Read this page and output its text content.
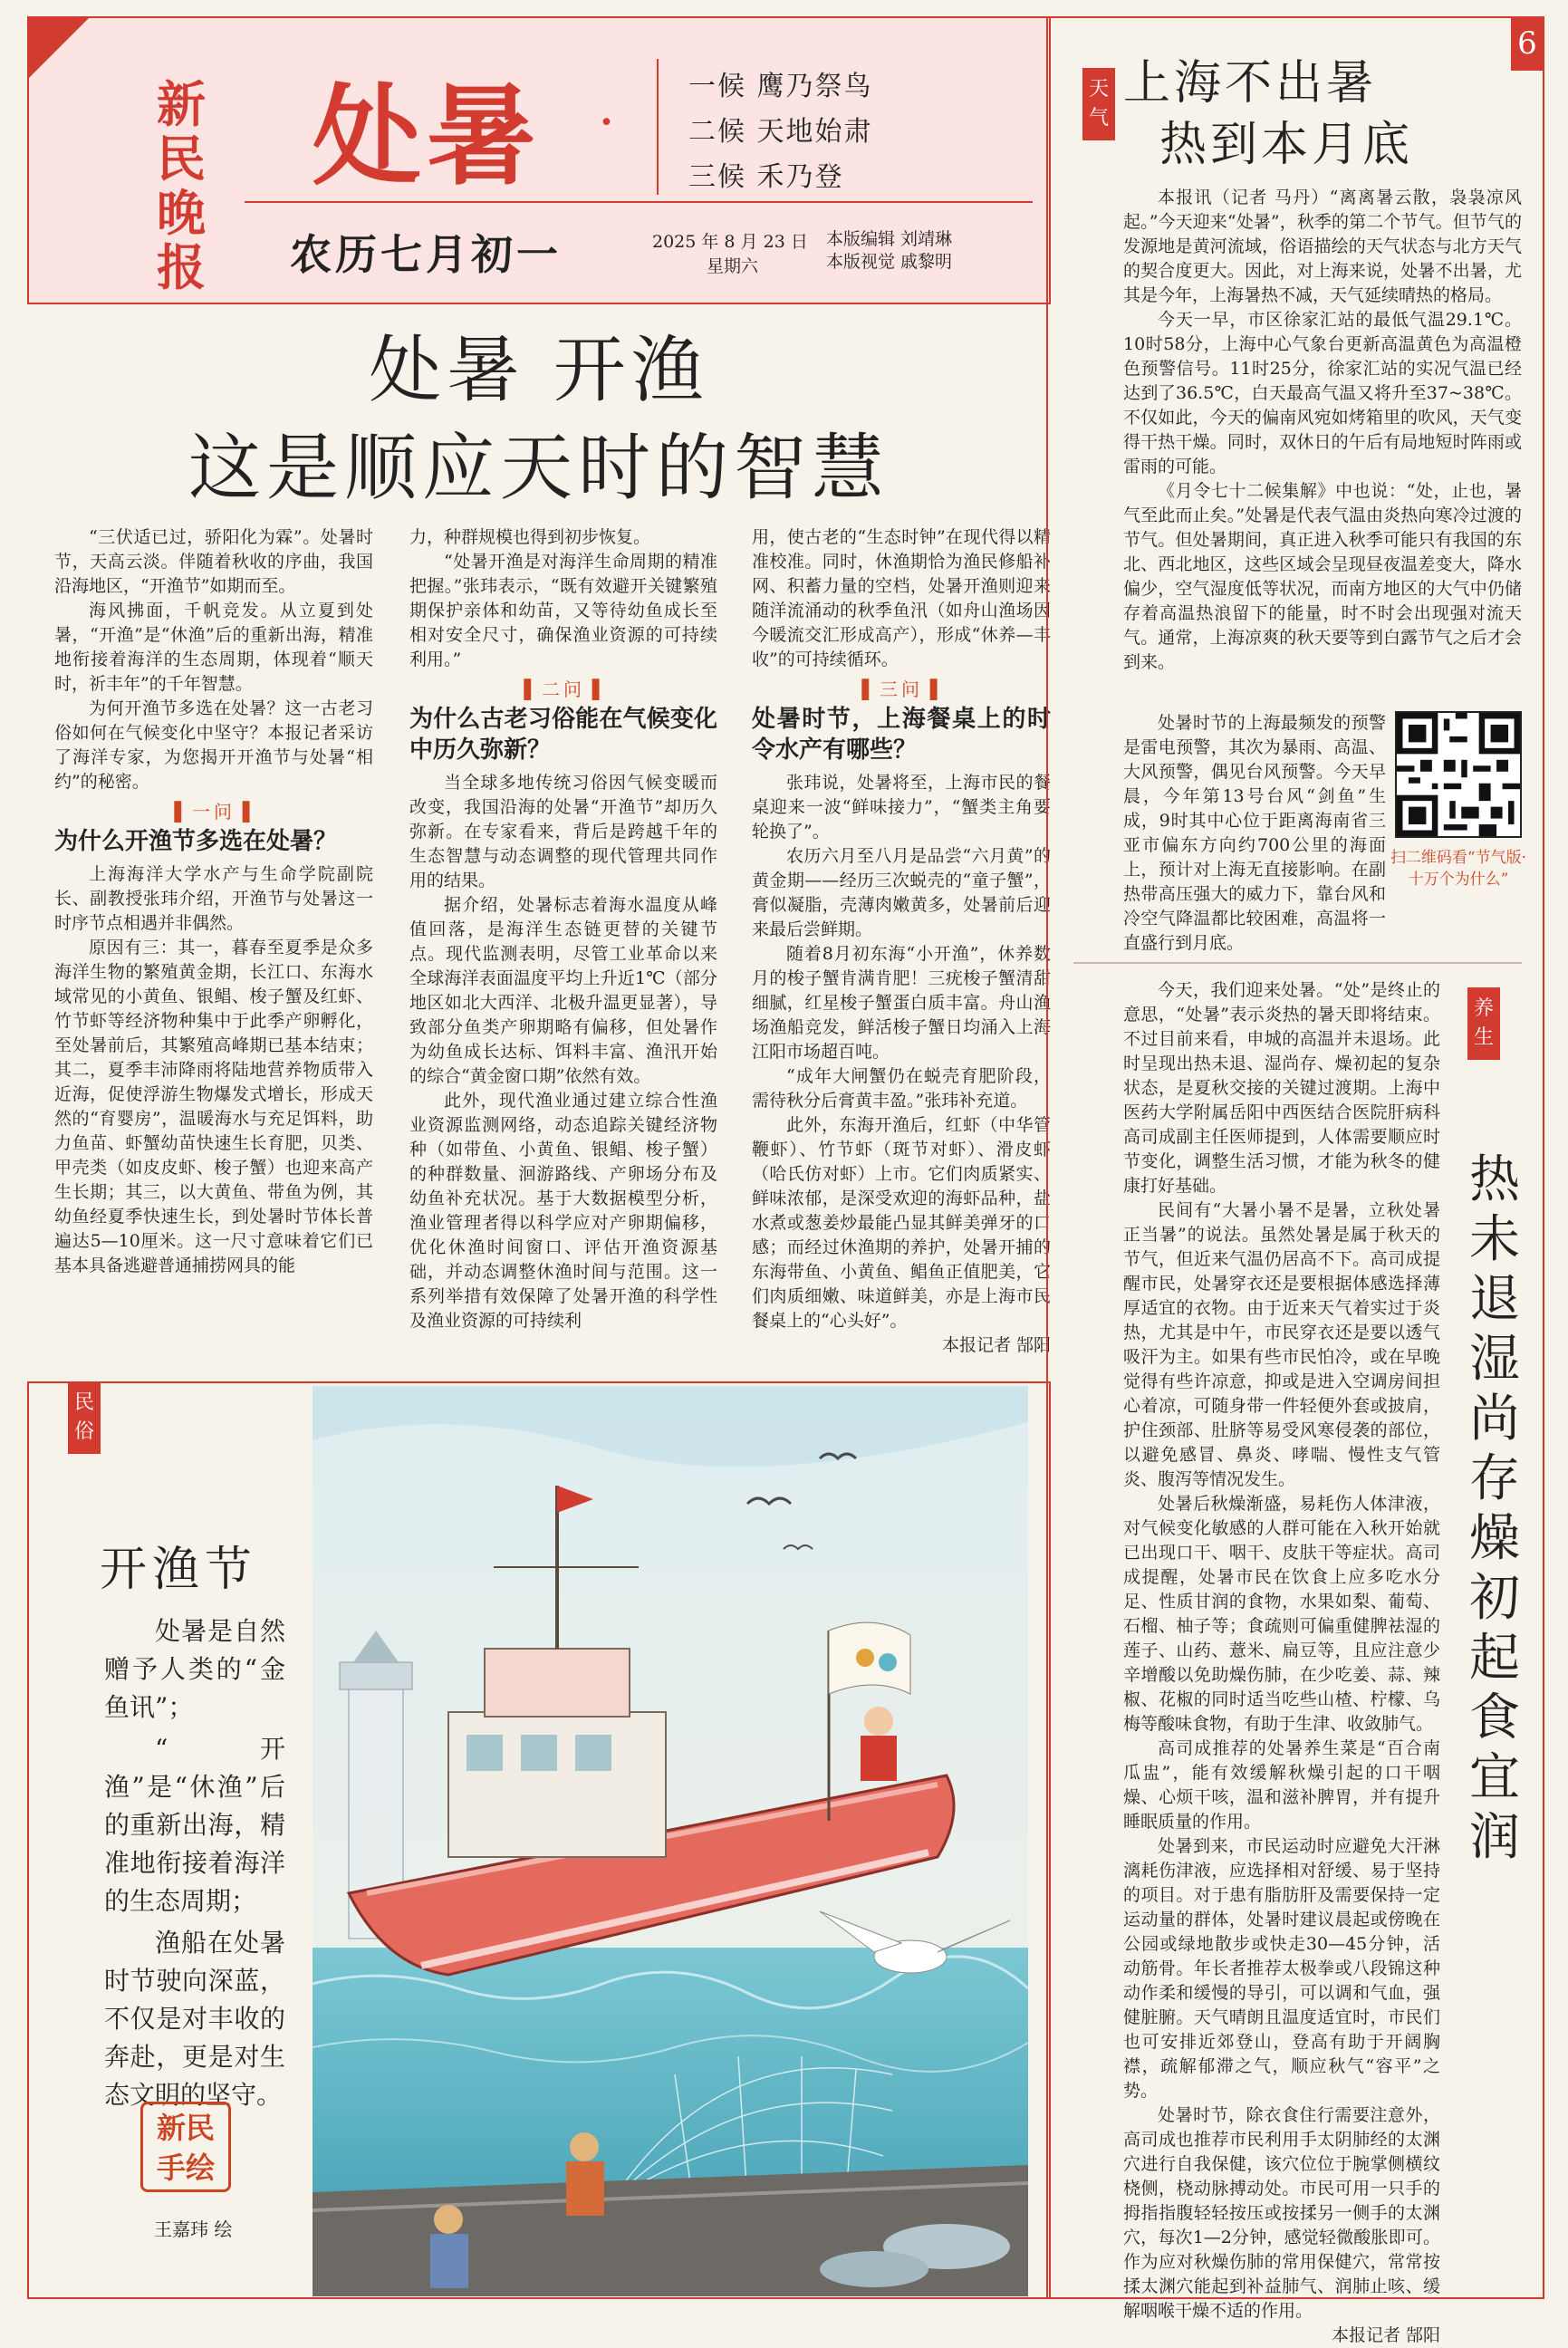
新
民
晚
报
处暑 ·
一候 鹰乃祭鸟
二候 天地始肃
三候 禾乃登
农历七月初一	2025 年 8 月 23 日
星期六
本版编辑 刘靖琳
本版视觉 戚黎明
处暑 开渔
这是顺应天时的智慧

“三伏适已过，骄阳化为霖”。处暑时节，天高云淡。伴随着秋收的序曲，我国沿海地区，“开渔节”如期而至。

海风拂面，千帆竞发。从立夏到处暑，“开渔”是“休渔”后的重新出海，精准地衔接着海洋的生态周期，体现着“顺天时，祈丰年”的千年智慧。

为何开渔节多选在处暑？这一古老习俗如何在气候变化中坚守？本报记者采访了海洋专家，为您揭开开渔节与处暑“相约”的秘密。

▌一问▐
为什么开渔节多选在处暑？

上海海洋大学水产与生命学院副院长、副教授张玮介绍，开渔节与处暑这一时序节点相遇并非偶然。

原因有三：其一，暮春至夏季是众多海洋生物的繁殖黄金期，长江口、东海水域常见的小黄鱼、银鲳、梭子蟹及红虾、竹节虾等经济物种集中于此季产卵孵化，至处暑前后，其繁殖高峰期已基本结束；其二，夏季丰沛降雨将陆地营养物质带入近海，促使浮游生物爆发式增长，形成天然的“育婴房”，温暖海水与充足饵料，助力鱼苗、虾蟹幼苗快速生长育肥，贝类、甲壳类（如皮皮虾、梭子蟹）也迎来高产生长期；其三，以大黄鱼、带鱼为例，其幼鱼经夏季快速生长，到处暑时节体长普遍达5—10厘米。这一尺寸意味着它们已基本具备逃避普通捕捞网具的能

力，种群规模也得到初步恢复。

“处暑开渔是对海洋生命周期的精准把握。”张玮表示，“既有效避开关键繁殖期保护亲体和幼苗，又等待幼鱼成长至相对安全尺寸，确保渔业资源的可持续利用。”

▌二问▐
为什么古老习俗能在气候变化中历久弥新？

当全球多地传统习俗因气候变暖而改变，我国沿海的处暑“开渔节”却历久弥新。在专家看来，背后是跨越千年的生态智慧与动态调整的现代管理共同作用的结果。

据介绍，处暑标志着海水温度从峰值回落，是海洋生态链更替的关键节点。现代监测表明，尽管工业革命以来全球海洋表面温度平均上升近1℃（部分地区如北大西洋、北极升温更显著），导致部分鱼类产卵期略有偏移，但处暑作为幼鱼成长达标、饵料丰富、渔汛开始的综合“黄金窗口期”依然有效。

此外，现代渔业通过建立综合性渔业资源监测网络，动态追踪关键经济物种（如带鱼、小黄鱼、银鲳、梭子蟹）的种群数量、洄游路线、产卵场分布及幼鱼补充状况。基于大数据模型分析，渔业管理者得以科学应对产卵期偏移，优化休渔时间窗口、评估开渔资源基础，并动态调整休渔时间与范围。这一系列举措有效保障了处暑开渔的科学性及渔业资源的可持续利

用，使古老的“生态时钟”在现代得以精准校准。同时，休渔期恰为渔民修船补网、积蓄力量的空档，处暑开渔则迎来随洋流涌动的秋季鱼汛（如舟山渔场因今暖流交汇形成高产），形成“休养—丰收”的可持续循环。

▌三问▐
处暑时节，上海餐桌上的时令水产有哪些？

张玮说，处暑将至，上海市民的餐桌迎来一波“鲜味接力”，“蟹类主角要轮换了”。

农历六月至八月是品尝“六月黄”的黄金期——经历三次蜕壳的“童子蟹”，膏似凝脂，壳薄肉嫩黄多，处暑前后迎来最后尝鲜期。

随着8月初东海“小开渔”，休养数月的梭子蟹肯满肯肥！三疣梭子蟹清甜细腻，红星梭子蟹蛋白质丰富。舟山渔场渔船竞发，鲜活梭子蟹日均涌入上海江阳市场超百吨。

“成年大闸蟹仍在蜕壳育肥阶段，需待秋分后膏黄丰盈。”张玮补充道。

此外，东海开渔后，红虾（中华管鞭虾）、竹节虾（斑节对虾）、滑皮虾（哈氏仿对虾）上市。它们肉质紧实、鲜味浓郁，是深受欢迎的海虾品种，盐水煮或葱姜炒最能凸显其鲜美弹牙的口感；而经过休渔期的养护，处暑开捕的东海带鱼、小黄鱼、鲳鱼正值肥美，它们肉质细嫩、味道鲜美，亦是上海市民餐桌上的“心头好”。

本报记者 郜阳
6
天气
上海不出暑
热到本月底

本报讯（记者 马丹）“离离暑云散，袅袅凉风起。”今天迎来“处暑”，秋季的第二个节气。但节气的发源地是黄河流域，俗语描绘的天气状态与北方天气的契合度更大。因此，对上海来说，处暑不出暑，尤其是今年，上海暑热不减，天气延续晴热的格局。

今天一早，市区徐家汇站的最低气温29.1℃。10时58分，上海中心气象台更新高温黄色为高温橙色预警信号。11时25分，徐家汇站的实况气温已经达到了36.5℃，白天最高气温又将升至37~38℃。不仅如此，今天的偏南风宛如烤箱里的吹风，天气变得干热干燥。同时，双休日的午后有局地短时阵雨或雷雨的可能。

《月令七十二候集解》中也说：“处，止也，暑气至此而止矣。”处暑是代表气温由炎热向寒冷过渡的节气。但处暑期间，真正进入秋季可能只有我国的东北、西北地区，这些区域会呈现昼夜温差变大，降水偏少，空气湿度低等状况，而南方地区的大气中仍储存着高温热浪留下的能量，时不时会出现强对流天气。通常，上海凉爽的秋天要等到白露节气之后才会到来。

处暑时节的上海最频发的预警是雷电预警，其次为暴雨、高温、大风预警，偶见台风预警。今天早晨，今年第13号台风“剑鱼”生成，9时其中心位于距离海南省三亚市偏东方向约700公里的海面上，预计对上海无直接影响。在副热带高压强大的威力下，靠台风和冷空气降温都比较困难，高温将一直盛行到月底。

扫二维码看“节气版·十万个为什么”
养生

今天，我们迎来处暑。“处”是终止的意思，“处暑”表示炎热的暑天即将结束。不过目前来看，申城的高温并未退场。此时呈现出热未退、湿尚存、燥初起的复杂状态，是夏秋交接的关键过渡期。上海中医药大学附属岳阳中西医结合医院肝病科高司成副主任医师提到，人体需要顺应时节变化，调整生活习惯，才能为秋冬的健康打好基础。

民间有“大暑小暑不是暑，立秋处暑正当暑”的说法。虽然处暑是属于秋天的节气，但近来气温仍居高不下。高司成提醒市民，处暑穿衣还是要根据体感选择薄厚适宜的衣物。由于近来天气着实过于炎热，尤其是中午，市民穿衣还是要以透气吸汗为主。如果有些市民怕冷，或在早晚觉得有些许凉意，抑或是进入空调房间担心着凉，可随身带一件轻便外套或披肩，护住颈部、肚脐等易受风寒侵袭的部位，以避免感冒、鼻炎、哮喘、慢性支气管炎、腹泻等情况发生。

处暑后秋燥渐盛，易耗伤人体津液，对气候变化敏感的人群可能在入秋开始就已出现口干、咽干、皮肤干等症状。高司成提醒，处暑市民在饮食上应多吃水分足、性质甘润的食物，水果如梨、葡萄、石榴、柚子等；食疏则可偏重健脾祛湿的莲子、山药、薏米、扁豆等，且应注意少辛增酸以免助燥伤肺，在少吃姜、蒜、辣椒、花椒的同时适当吃些山楂、柠檬、乌梅等酸味食物，有助于生津、收敛肺气。

高司成推荐的处暑养生菜是“百合南瓜盅”，能有效缓解秋燥引起的口干咽燥、心烦干咳，温和滋补脾胃，并有提升睡眠质量的作用。

处暑到来，市民运动时应避免大汗淋漓耗伤津液，应选择相对舒缓、易于坚持的项目。对于患有脂肪肝及需要保持一定运动量的群体，处暑时建议晨起或傍晚在公园或绿地散步或快走30—45分钟，活动筋骨。年长者推荐太极拳或八段锦这种动作柔和缓慢的导引，可以调和气血，强健脏腑。天气晴朗且温度适宜时，市民们也可安排近郊登山，登高有助于开阔胸襟，疏解郁滞之气，顺应秋气“容平”之势。

处暑时节，除衣食住行需要注意外，高司成也推荐市民利用手太阴肺经的太渊穴进行自我保健，该穴位位于腕掌侧横纹桡侧，桡动脉搏动处。市民可用一只手的拇指指腹轻轻按压或按揉另一侧手的太渊穴，每次1—2分钟，感觉轻微酸胀即可。作为应对秋燥伤肺的常用保健穴，常常按揉太渊穴能起到补益肺气、润肺止咳、缓解咽喉干燥不适的作用。

本报记者 郜阳
热未退 湿尚存 燥初起 食宜润
民俗
开渔节

处暑是自然赠予人类的“金鱼讯”；

“开渔”是“休渔”后的重新出海，精准地衔接着海洋的生态周期；

渔船在处暑时节驶向深蓝，不仅是对丰收的奔赴，更是对生态文明的坚守。

新民
手绘
王嘉玮 绘
